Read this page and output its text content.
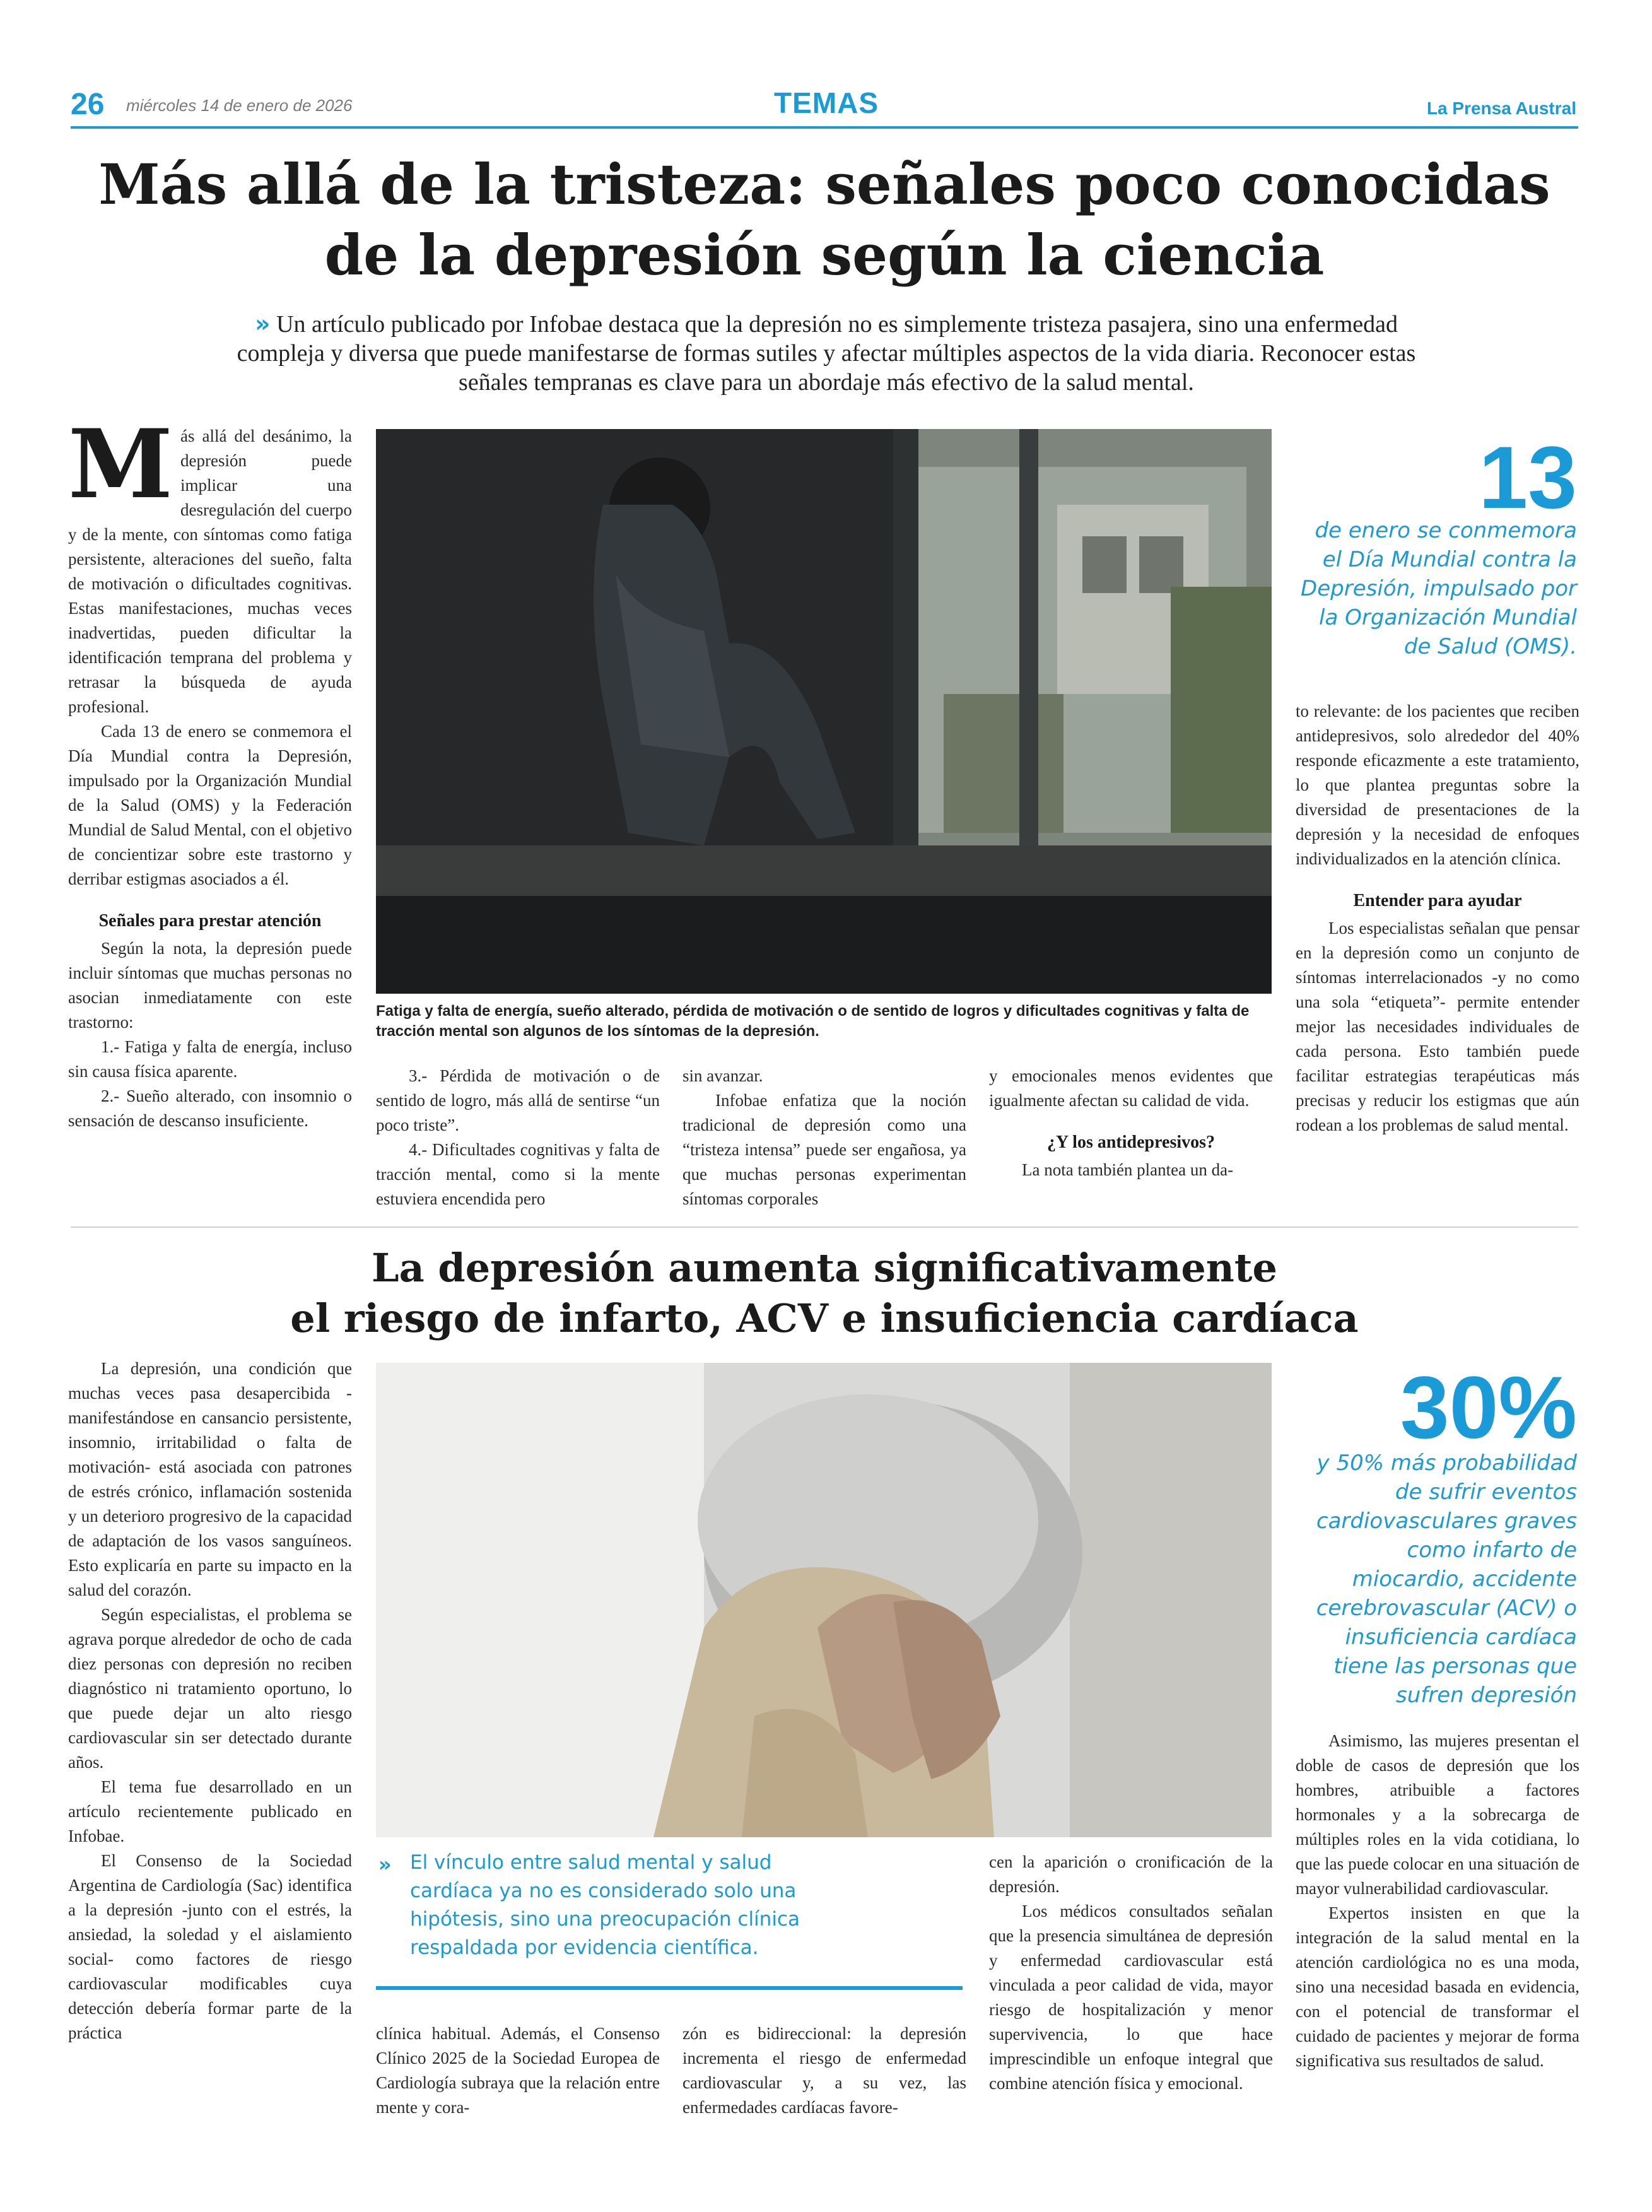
26 miércoles 14 de enero de 2026	TEMAS	La Prensa Austral
Más allá de la tristeza: señales poco conocidas
de la depresión según la ciencia
» Un artículo publicado por Infobae destaca que la depresión no es simplemente tristeza pasajera, sino una enfermedad compleja y diversa que puede manifestarse de formas sutiles y afectar múltiples aspectos de la vida diaria. Reconocer estas señales tempranas es clave para un abordaje más efectivo de la salud mental.

Más allá del desánimo, la depresión puede implicar una desregulación del cuerpo y de la mente, con síntomas como fatiga persistente, alteraciones del sueño, falta de motivación o dificultades cognitivas. Estas manifestaciones, muchas veces inadvertidas, pueden dificultar la identificación temprana del problema y retrasar la búsqueda de ayuda profesional.

Cada 13 de enero se conmemora el Día Mundial contra la Depresión, impulsado por la Organización Mundial de la Salud (OMS) y la Federación Mundial de Salud Mental, con el objetivo de concientizar sobre este trastorno y derribar estigmas asociados a él.

Señales para prestar atención

Según la nota, la depresión puede incluir síntomas que muchas personas no asocian inmediatamente con este trastorno:

1.- Fatiga y falta de energía, incluso sin causa física aparente.

2.- Sueño alterado, con insomnio o sensación de descanso insuficiente.

Fatiga y falta de energía, sueño alterado, pérdida de motivación o de sentido de logros y dificultades cognitivas y falta de tracción mental son algunos de los síntomas de la depresión.

3.- Pérdida de motivación o de sentido de logro, más allá de sentirse “un poco triste”.

4.- Dificultades cognitivas y falta de tracción mental, como si la mente estuviera encendida pero

sin avanzar.

Infobae enfatiza que la noción tradicional de depresión como una “tristeza intensa” puede ser engañosa, ya que muchas personas experimentan síntomas corporales

y emocionales menos evidentes que igualmente afectan su calidad de vida.

¿Y los antidepresivos?

La nota también plantea un da-

13
de enero se conmemora el Día Mundial contra la Depresión, impulsado por la Organización Mundial de Salud (OMS).

to relevante: de los pacientes que reciben antidepresivos, solo alrededor del 40% responde eficazmente a este tratamiento, lo que plantea preguntas sobre la diversidad de presentaciones de la depresión y la necesidad de enfoques individualizados en la atención clínica.

Entender para ayudar

Los especialistas señalan que pensar en la depresión como un conjunto de síntomas interrelacionados -y no como una sola “etiqueta”- permite entender mejor las necesidades individuales de cada persona. Esto también puede facilitar estrategias terapéuticas más precisas y reducir los estigmas que aún rodean a los problemas de salud mental.

La depresión aumenta significativamente
el riesgo de infarto, ACV e insuficiencia cardíaca

La depresión, una condición que muchas veces pasa desapercibida -manifestándose en cansancio persistente, insomnio, irritabilidad o falta de motivación- está asociada con patrones de estrés crónico, inflamación sostenida y un deterioro progresivo de la capacidad de adaptación de los vasos sanguíneos. Esto explicaría en parte su impacto en la salud del corazón.

Según especialistas, el problema se agrava porque alrededor de ocho de cada diez personas con depresión no reciben diagnóstico ni tratamiento oportuno, lo que puede dejar un alto riesgo cardiovascular sin ser detectado durante años.

El tema fue desarrollado en un artículo recientemente publicado en Infobae.

El Consenso de la Sociedad Argentina de Cardiología (Sac) identifica a la depresión -junto con el estrés, la ansiedad, la soledad y el aislamiento social- como factores de riesgo cardiovascular modificables cuya detección debería formar parte de la práctica

» El vínculo entre salud mental y salud cardíaca ya no es considerado solo una hipótesis, sino una preocupación clínica respaldada por evidencia científica.

clínica habitual. Además, el Consenso Clínico 2025 de la Sociedad Europea de Cardiología subraya que la relación entre mente y cora-

zón es bidireccional: la depresión incrementa el riesgo de enfermedad cardiovascular y, a su vez, las enfermedades cardíacas favore-

cen la aparición o cronificación de la depresión.

Los médicos consultados señalan que la presencia simultánea de depresión y enfermedad cardiovascular está vinculada a peor calidad de vida, mayor riesgo de hospitalización y menor supervivencia, lo que hace imprescindible un enfoque integral que combine atención física y emocional.

30%
y 50% más probabilidad de sufrir eventos cardiovasculares graves como infarto de miocardio, accidente cerebrovascular (ACV) o insuficiencia cardíaca tiene las personas que sufren depresión

Asimismo, las mujeres presentan el doble de casos de depresión que los hombres, atribuible a factores hormonales y a la sobrecarga de múltiples roles en la vida cotidiana, lo que las puede colocar en una situación de mayor vulnerabilidad cardiovascular.

Expertos insisten en que la integración de la salud mental en la atención cardiológica no es una moda, sino una necesidad basada en evidencia, con el potencial de transformar el cuidado de pacientes y mejorar de forma significativa sus resultados de salud.
